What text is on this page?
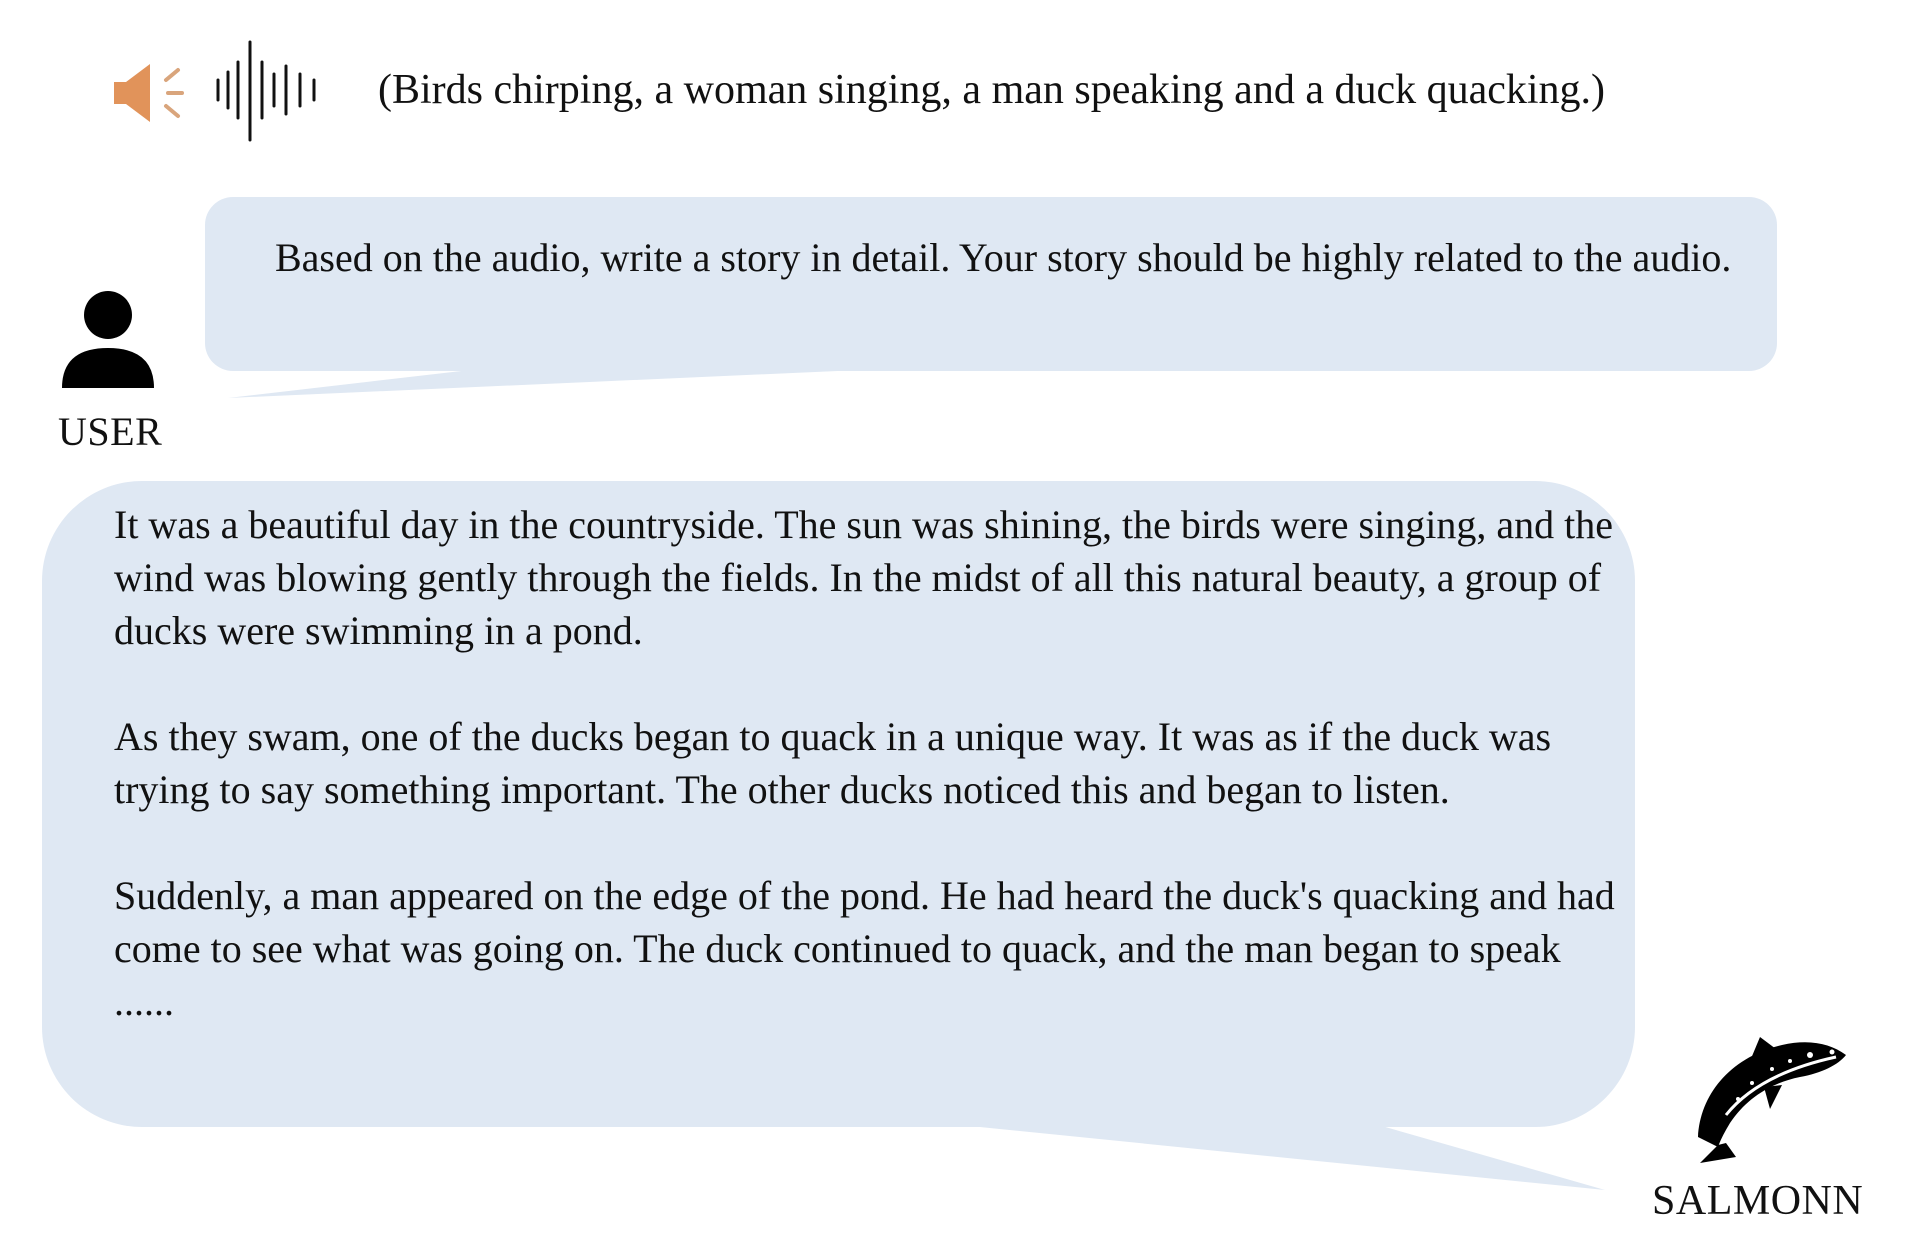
(Birds chirping, a woman singing, a man speaking and a duck quacking.)
USER
Based on the audio, write a story in detail. Your story should be highly related to the audio.

It was a beautiful day in the countryside. The sun was shining, the birds were singing, and the wind was blowing gently through the fields. In the midst of all this natural beauty, a group of ducks were swimming in a pond.

As they swam, one of the ducks began to quack in a unique way. It was as if the duck was trying to say something important. The other ducks noticed this and began to listen.

Suddenly, a man appeared on the edge of the pond. He had heard the duck's quacking and had come to see what was going on. The duck continued to quack, and the man began to speak ......

SALMONN
